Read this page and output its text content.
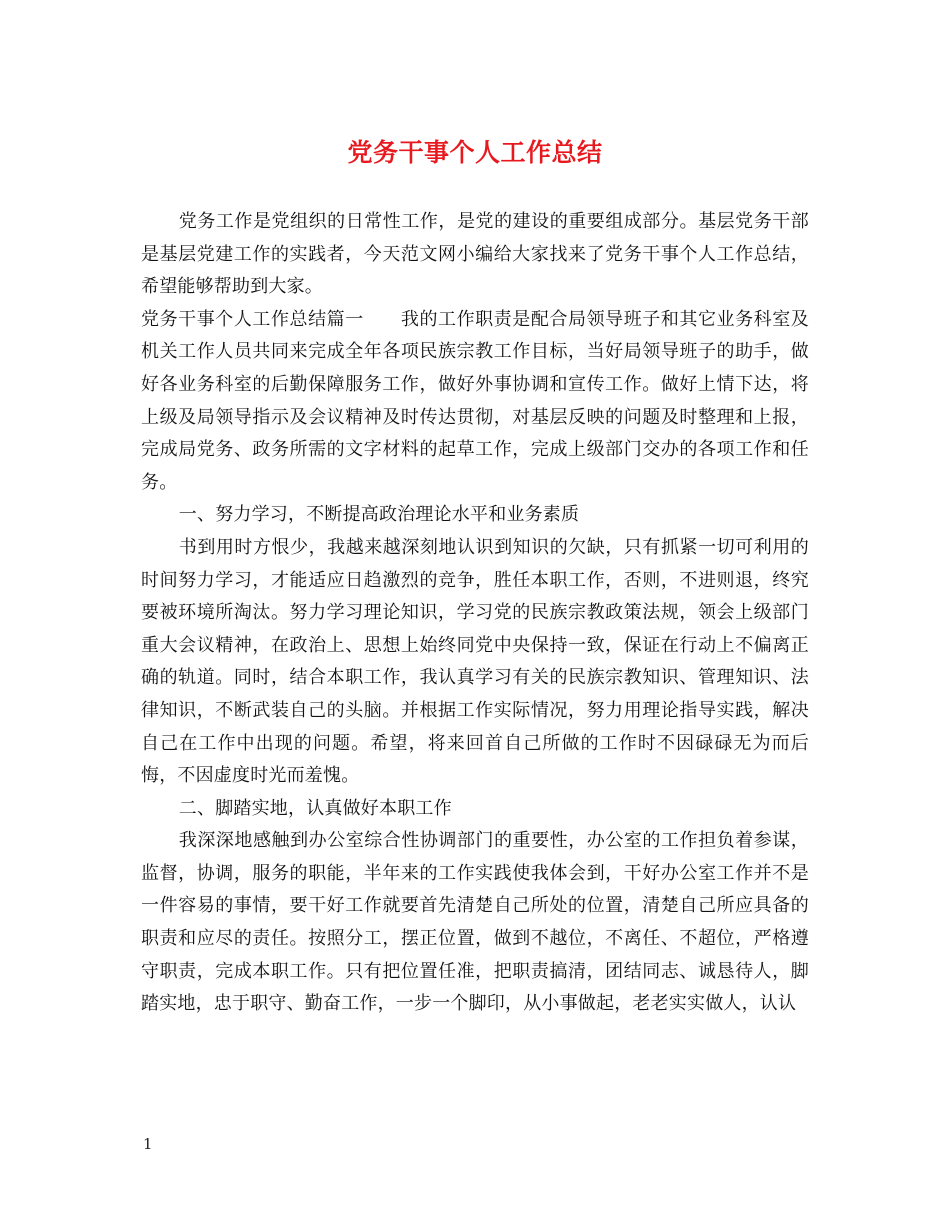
党务干事个人工作总结

党务工作是党组织的日常性工作，是党的建设的重要组成部分。基层党务干部是基层党建工作的实践者，今天范文网小编给大家找来了党务干事个人工作总结，希望能够帮助到大家。

党务干事个人工作总结篇一　　我的工作职责是配合局领导班子和其它业务科室及机关工作人员共同来完成全年各项民族宗教工作目标，当好局领导班子的助手，做好各业务科室的后勤保障服务工作，做好外事协调和宣传工作。做好上情下达，将上级及局领导指示及会议精神及时传达贯彻，对基层反映的问题及时整理和上报，完成局党务、政务所需的文字材料的起草工作，完成上级部门交办的各项工作和任务。

一、努力学习，不断提高政治理论水平和业务素质

书到用时方恨少，我越来越深刻地认识到知识的欠缺，只有抓紧一切可利用的时间努力学习，才能适应日趋激烈的竞争，胜任本职工作，否则，不进则退，终究要被环境所淘汰。努力学习理论知识，学习党的民族宗教政策法规，领会上级部门重大会议精神，在政治上、思想上始终同党中央保持一致，保证在行动上不偏离正确的轨道。同时，结合本职工作，我认真学习有关的民族宗教知识、管理知识、法律知识，不断武装自己的头脑。并根据工作实际情况，努力用理论指导实践，解决自己在工作中出现的问题。希望，将来回首自己所做的工作时不因碌碌无为而后悔，不因虚度时光而羞愧。

二、脚踏实地，认真做好本职工作

我深深地感触到办公室综合性协调部门的重要性，办公室的工作担负着参谋，监督，协调，服务的职能，半年来的工作实践使我体会到，干好办公室工作并不是一件容易的事情，要干好工作就要首先清楚自己所处的位置，清楚自己所应具备的职责和应尽的责任。按照分工，摆正位置，做到不越位，不离任、不超位，严格遵守职责，完成本职工作。只有把位置任准，把职责搞清，团结同志、诚恳待人，脚踏实地，忠于职守、勤奋工作，一步一个脚印，从小事做起，老老实实做人，认认

1
